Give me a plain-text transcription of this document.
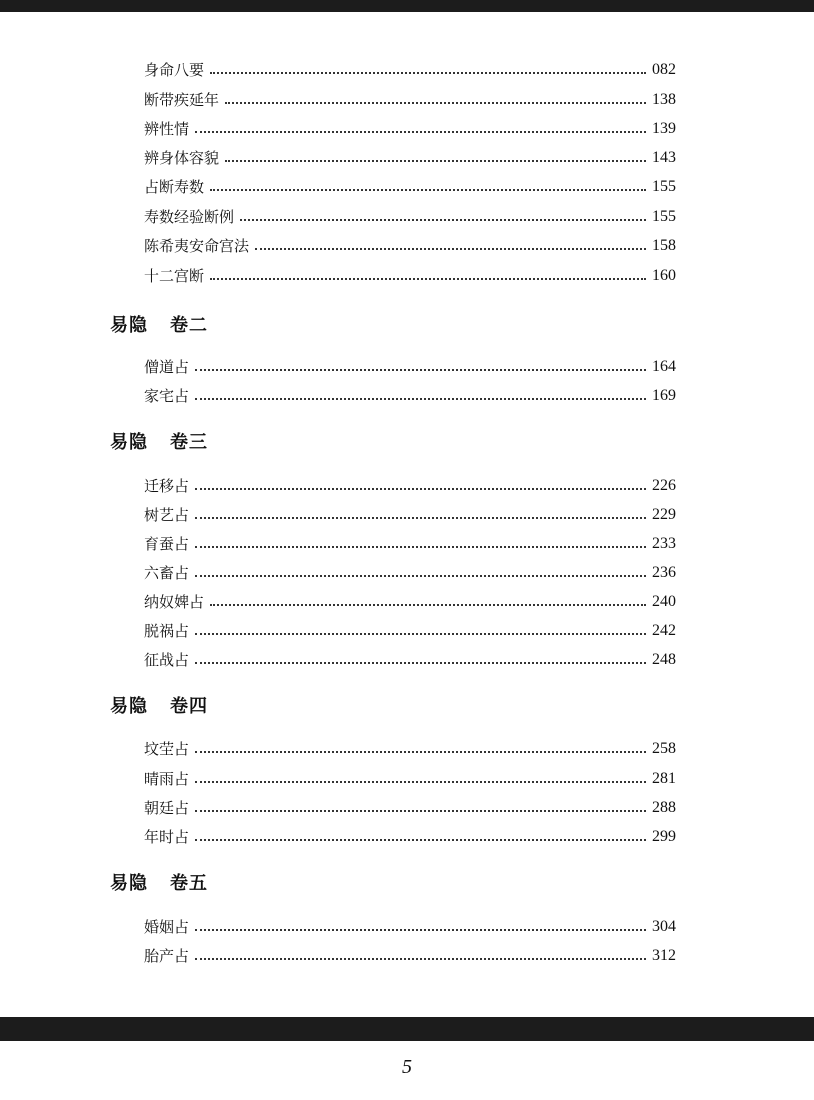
身命八要	082
断带疾延年	138
辨性情	139
辨身体容貌	143
占断寿数	155
寿数经验断例	155
陈希夷安命宫法	158
十二宫断	160
易隐 卷二
僧道占	164
家宅占	169
易隐 卷三
迁移占	226
树艺占	229
育蚕占	233
六畜占	236
纳奴婢占	240
脱祸占	242
征战占	248
易隐 卷四
坟茔占	258
晴雨占	281
朝廷占	288
年时占	299
易隐 卷五
婚姻占	304
胎产占	312
5
